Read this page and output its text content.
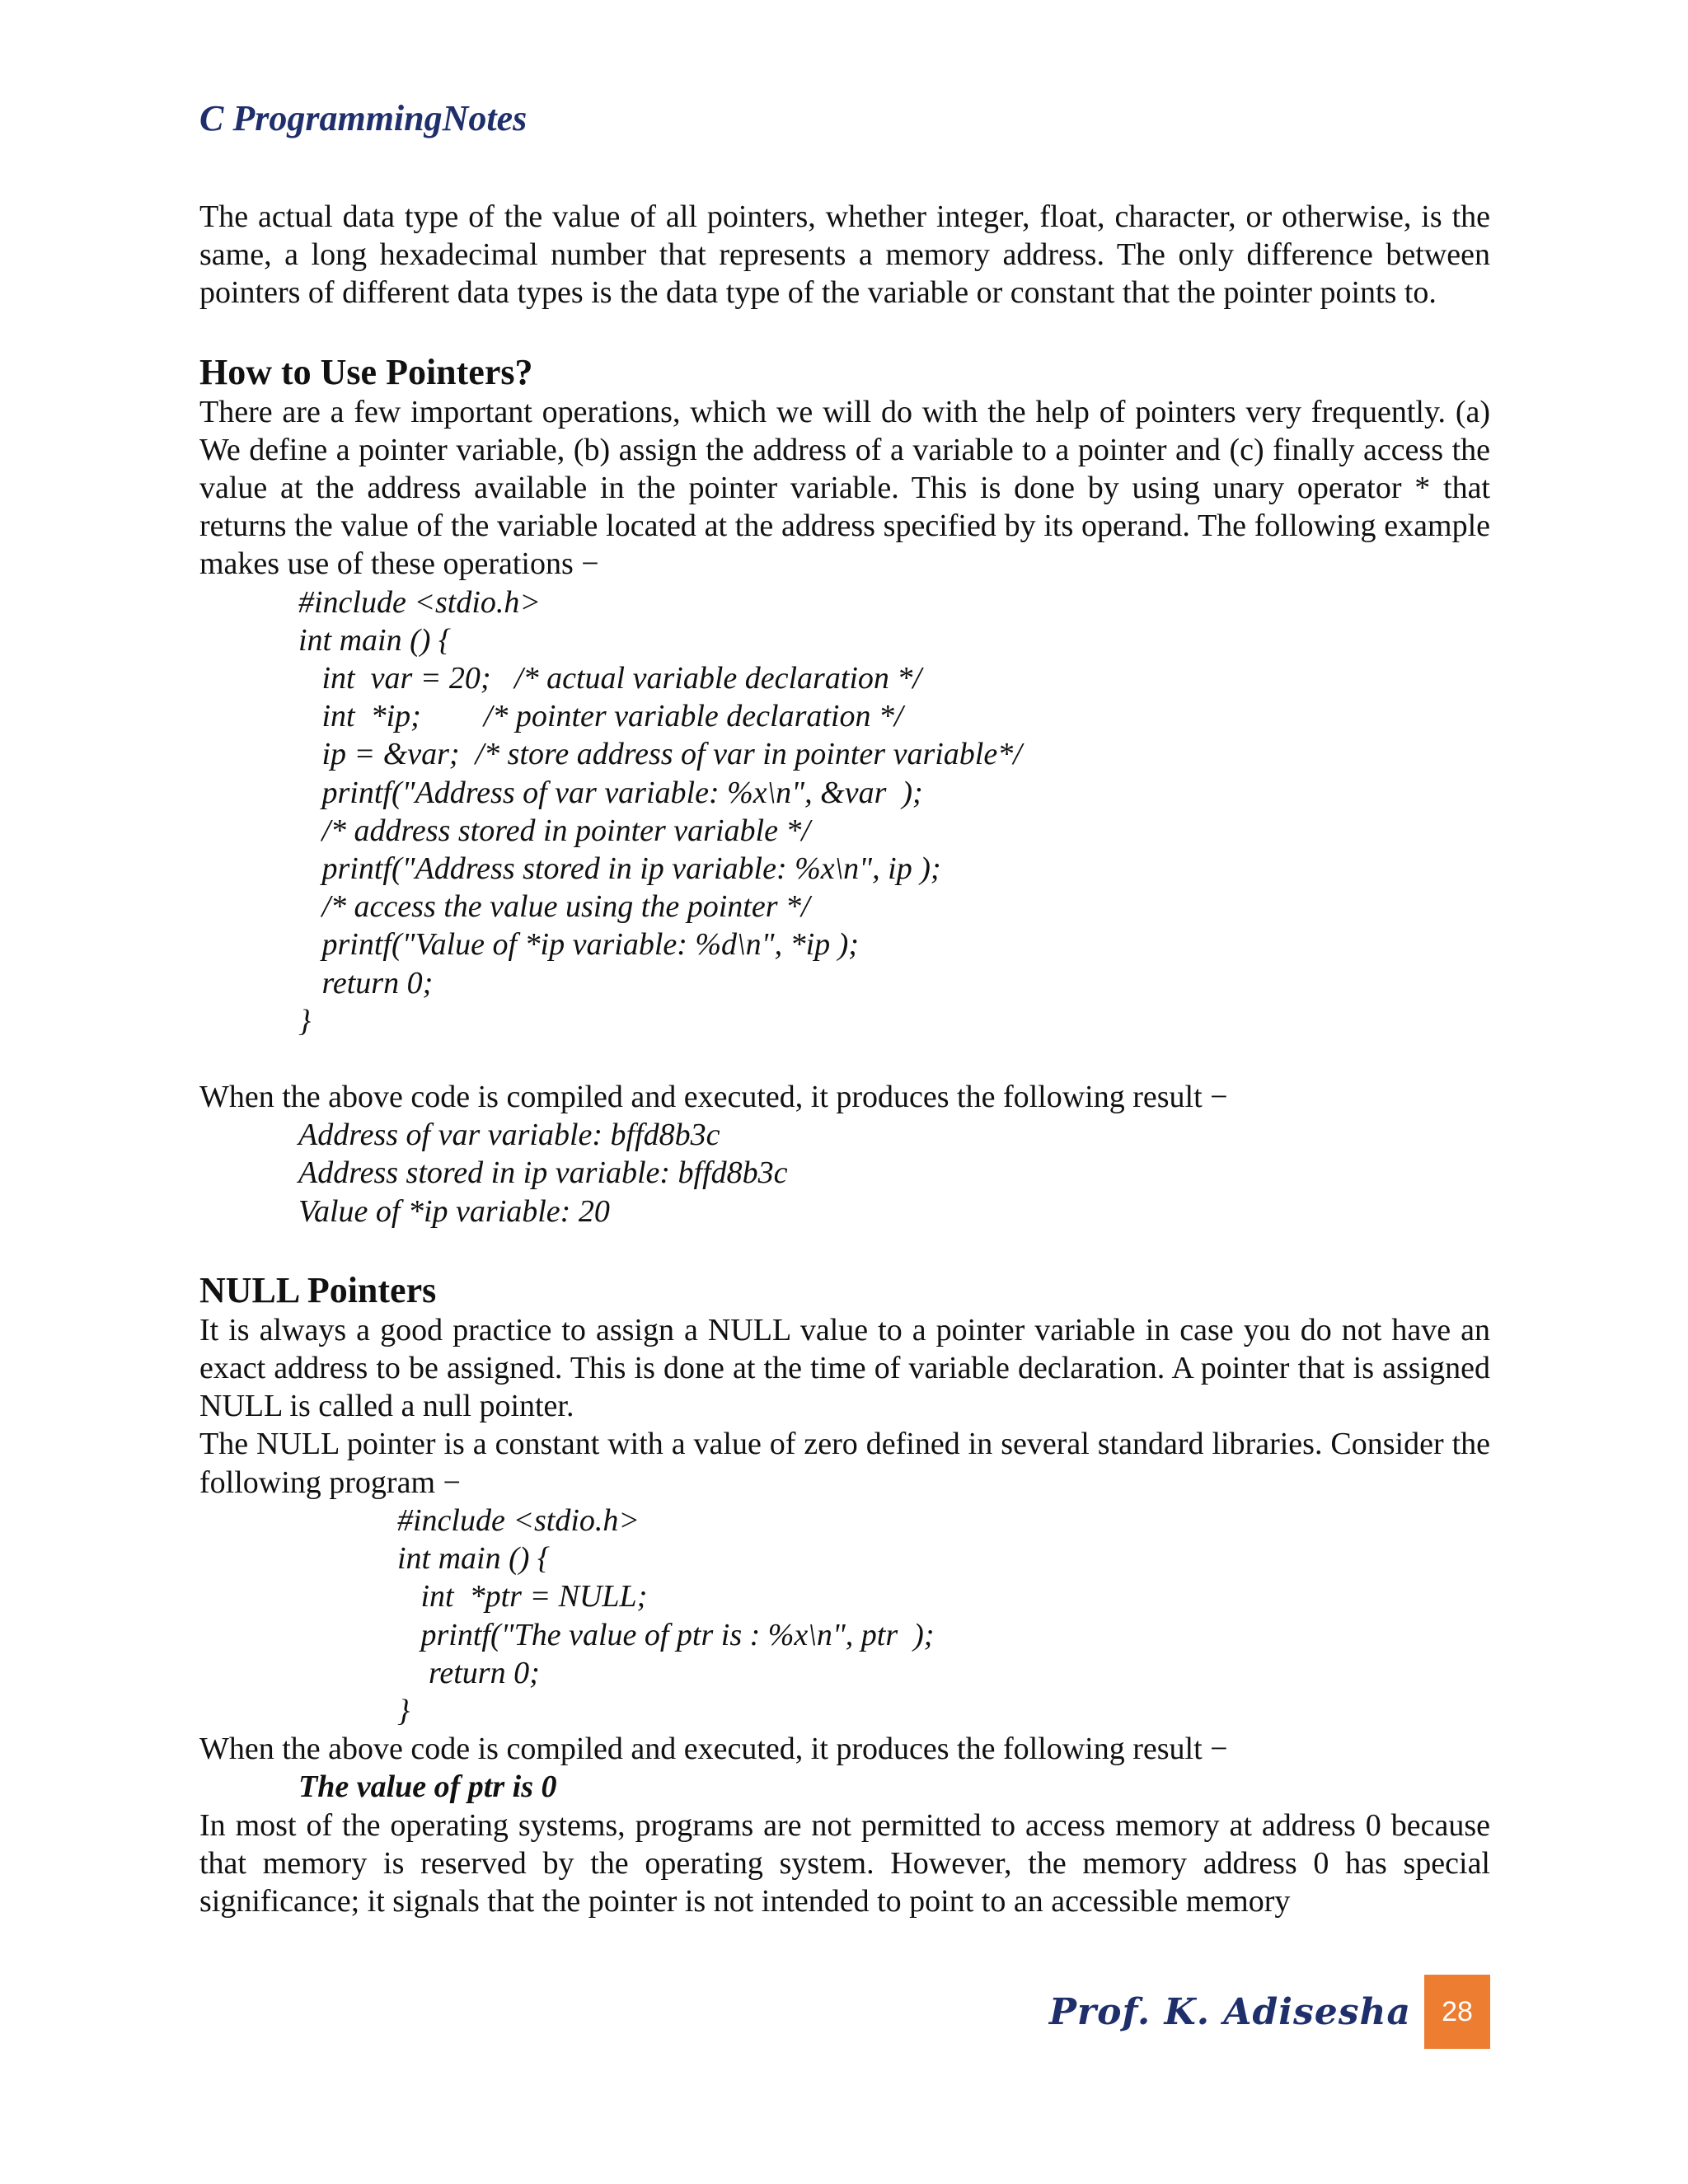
C ProgrammingNotes

The actual data type of the value of all pointers, whether integer, float, character, or otherwise, is the same, a long hexadecimal number that represents a memory address. The only difference between pointers of different data types is the data type of the variable or constant that the pointer points to.

How to Use Pointers?

There are a few important operations, which we will do with the help of pointers very frequently. (a) We define a pointer variable, (b) assign the address of a variable to a pointer and (c) finally access the value at the address available in the pointer variable. This is done by using unary operator * that returns the value of the variable located at the address specified by its operand. The following example makes use of these operations −

#include <stdio.h>
int main () {
int  var = 20;   /* actual variable declaration */
int  *ip;        /* pointer variable declaration */
ip = &var;  /* store address of var in pointer variable*/
printf("Address of var variable: %x\n", &var  );
/* address stored in pointer variable */
printf("Address stored in ip variable: %x\n", ip );
/* access the value using the pointer */
printf("Value of *ip variable: %d\n", *ip );
return 0;
}

When the above code is compiled and executed, it produces the following result −

Address of var variable: bffd8b3c
Address stored in ip variable: bffd8b3c
Value of *ip variable: 20
NULL Pointers

It is always a good practice to assign a NULL value to a pointer variable in case you do not have an exact address to be assigned. This is done at the time of variable declaration. A pointer that is assigned NULL is called a null pointer.

The NULL pointer is a constant with a value of zero defined in several standard libraries. Consider the following program −

#include <stdio.h>
int main () {
int  *ptr = NULL;
printf("The value of ptr is : %x\n", ptr  );
return 0;
}

When the above code is compiled and executed, it produces the following result −

The value of ptr is 0

In most of the operating systems, programs are not permitted to access memory at address 0 because that memory is reserved by the operating system. However, the memory address 0 has special significance; it signals that the pointer is not intended to point to an accessible memory

Prof. K. Adisesha	28
